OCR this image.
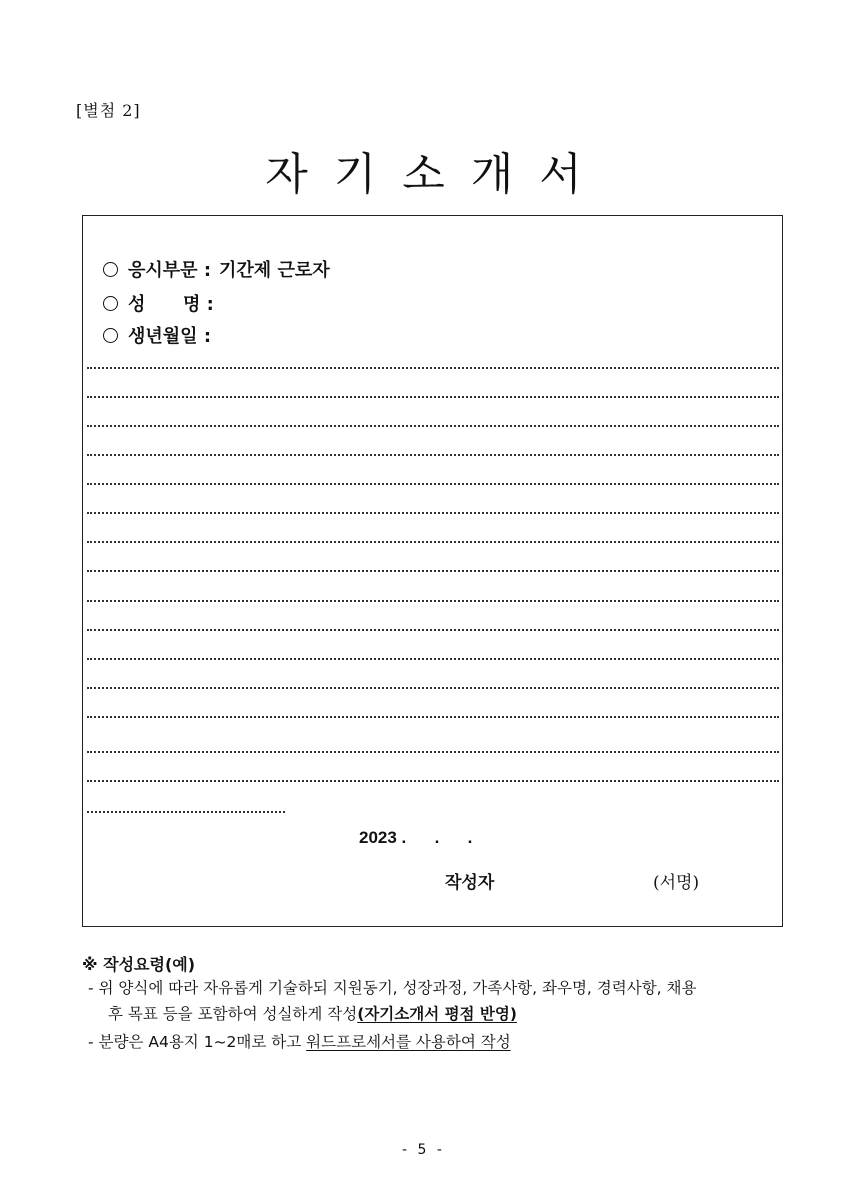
[별첨 2]
자기소개서
응시부문 : 기간제 근로자
성      명 :
생년월일 :
2023 .      .      .
작성자	(서명)
※ 작성요령(예)
- 위 양식에 따라 자유롭게 기술하되 지원동기, 성장과정, 가족사항, 좌우명, 경력사항, 채용
후 목표 등을 포함하여 성실하게 작성(자기소개서 평점 반영)
- 분량은 A4용지 1~2매로 하고 워드프로세서를 사용하여 작성
- 5 -
